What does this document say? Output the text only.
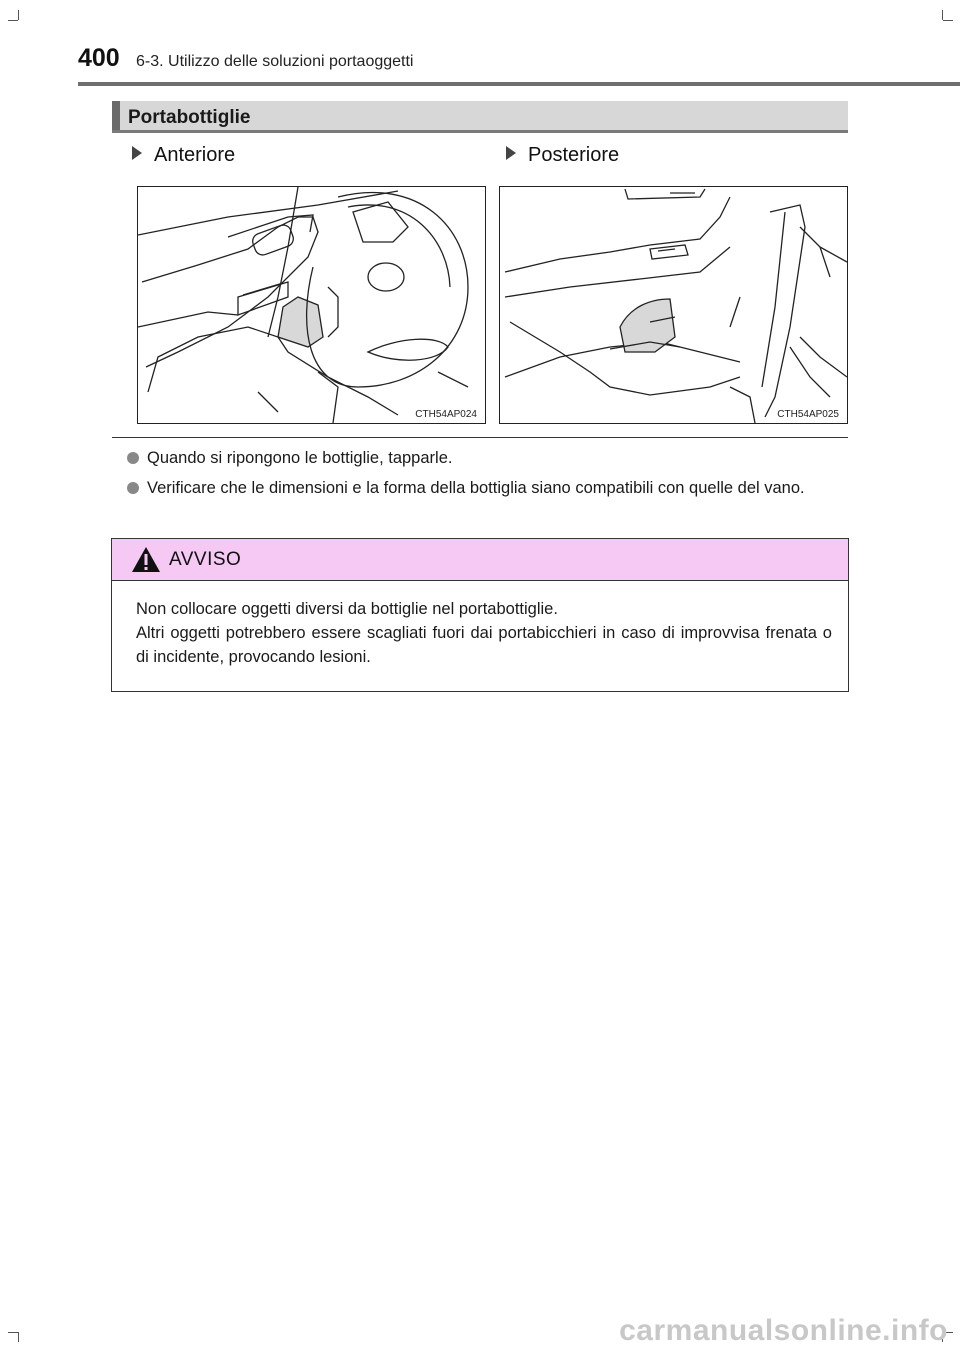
400 6-3. Utilizzo delle soluzioni portaoggetti
Portabottiglie
Anteriore	Posteriore
CTH54AP024	CTH54AP025
Quando si ripongono le bottiglie, tapparle.
Verificare che le dimensioni e la forma della bottiglia siano compatibili con quelle del vano.
AVVISO
Non collocare oggetti diversi da bottiglie nel portabottiglie.
Altri oggetti potrebbero essere scagliati fuori dai portabicchieri in caso di improvvisa frenata o di incidente, provocando lesioni.
carmanualsonline.info
